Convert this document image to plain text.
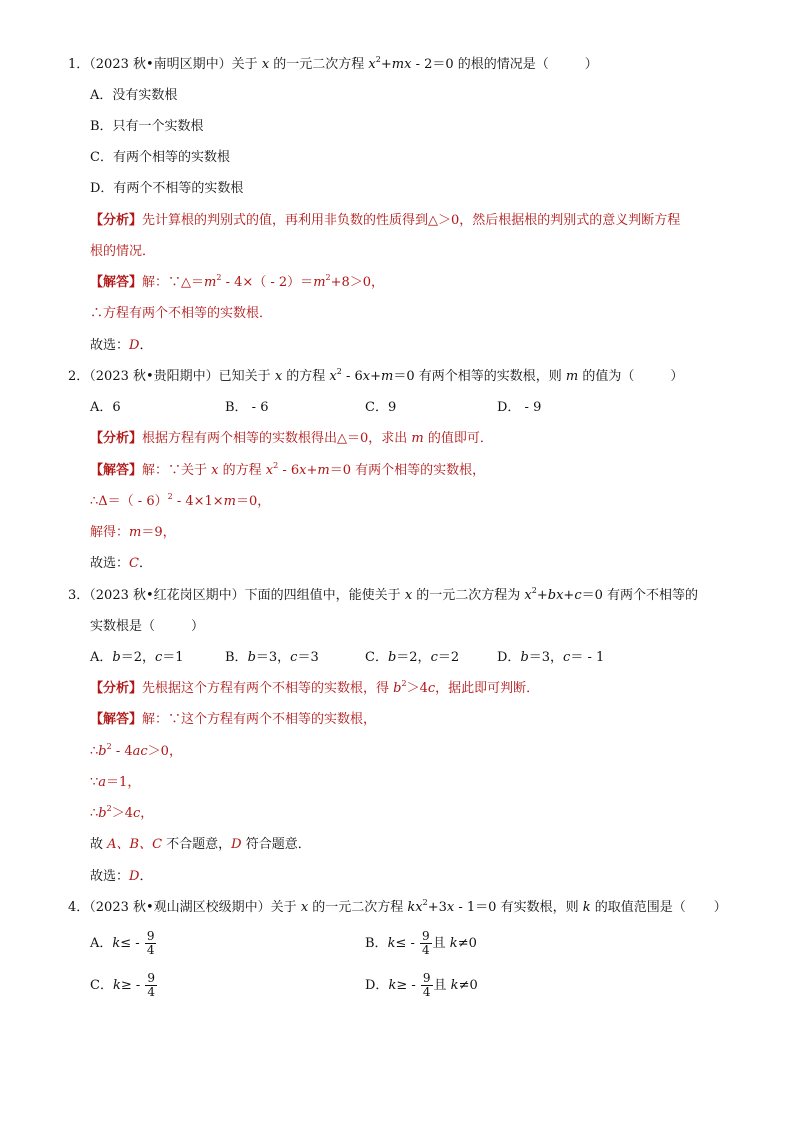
1．（2023 秋•南明区期中）关于 x 的一元二次方程 $x^2+mx - 2=0$ 的根的情况是（	）
A．没有实数根
B．只有一个实数根
C．有两个相等的实数根
D．有两个不相等的实数根
【分析】先计算根的判别式的值，再利用非负数的性质得到△＞0，然后根据根的判别式的意义判断方程
根的情况．
【解答】解：$\because\triangle=m^2 - 4\times( - 2)=m^2+8>0$，
∴方程有两个不相等的实数根．
故选：D．
2．（2023 秋•贵阳期中）已知关于 x 的方程 $x^2 - 6x+m=0$ 有两个相等的实数根，则 m 的值为（	）
A．6	B． - 6	C．9	D． - 9
【分析】根据方程有两个相等的实数根得出△＝0，求出 m 的值即可．
【解答】解：∵关于 x 的方程 $x^2 - 6x+m=0$ 有两个相等的实数根，
∴Δ＝（ - 6）$^2$ - 4×1×m＝0，
解得：m＝9，
故选：C．
3．（2023 秋•红花岗区期中）下面的四组值中，能使关于 x 的一元二次方程为 $x^2+bx+c=0$ 有两个不相等的
实数根是（	）
A．b＝2，c＝1	B．b＝3，c＝3	C．b＝2，c＝2	D．b＝3，c＝ - 1
【分析】先根据这个方程有两个不相等的实数根，得 $b^2>4c$，据此即可判断．
【解答】解：∵这个方程有两个不相等的实数根，
$\therefore b^2 - 4ac>0$，
∵a＝1，
$\therefore b^2>4c$，
故 A、B、C 不合题意，D 符合题意．
故选：D．
4．（2023 秋•观山湖区校级期中）关于 x 的一元二次方程 $kx^2+3x - 1=0$ 有实数根，则 k 的取值范围是（ ）
A．$k\le - \frac{9}{4}$	B．$k\le - \frac{9}{4}$ 且 k≠0
C．$k\ge - \frac{9}{4}$	D．$k\ge - \frac{9}{4}$ 且 k≠0
